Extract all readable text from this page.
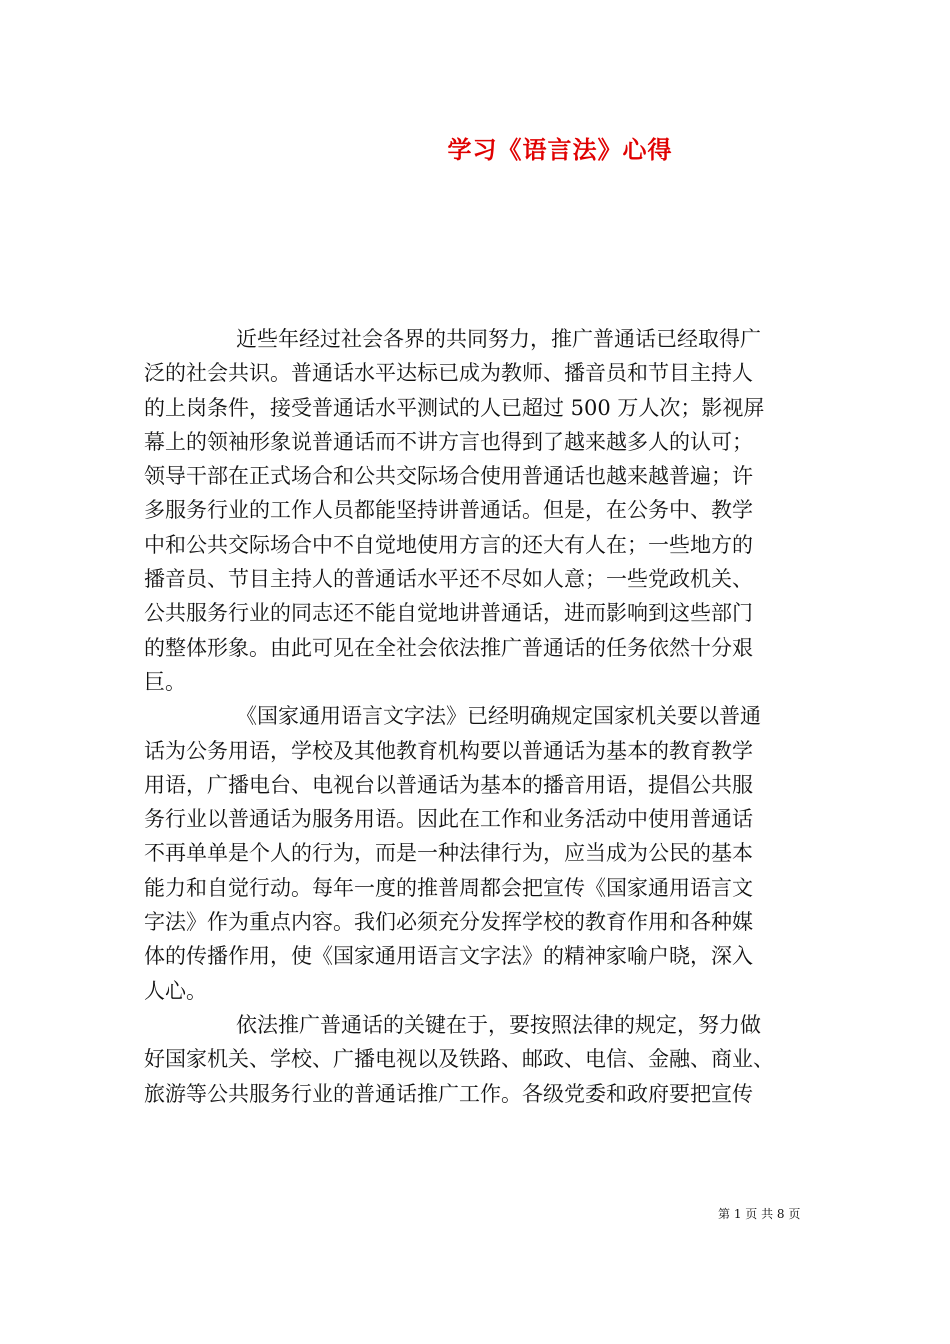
学习《语言法》心得
近些年经过社会各界的共同努力，推广普通话已经取得广
泛的社会共识。普通话水平达标已成为教师、播音员和节目主持人
的上岗条件，接受普通话水平测试的人已超过 500 万人次；影视屏
幕上的领袖形象说普通话而不讲方言也得到了越来越多人的认可；
领导干部在正式场合和公共交际场合使用普通话也越来越普遍；许
多服务行业的工作人员都能坚持讲普通话。但是，在公务中、教学
中和公共交际场合中不自觉地使用方言的还大有人在；一些地方的
播音员、节目主持人的普通话水平还不尽如人意；一些党政机关、
公共服务行业的同志还不能自觉地讲普通话，进而影响到这些部门
的整体形象。由此可见在全社会依法推广普通话的任务依然十分艰
巨。
《国家通用语言文字法》已经明确规定国家机关要以普通
话为公务用语，学校及其他教育机构要以普通话为基本的教育教学
用语，广播电台、电视台以普通话为基本的播音用语，提倡公共服
务行业以普通话为服务用语。因此在工作和业务活动中使用普通话
不再单单是个人的行为，而是一种法律行为，应当成为公民的基本
能力和自觉行动。每年一度的推普周都会把宣传《国家通用语言文
字法》作为重点内容。我们必须充分发挥学校的教育作用和各种媒
体的传播作用，使《国家通用语言文字法》的精神家喻户晓，深入
人心。
依法推广普通话的关键在于，要按照法律的规定，努力做
好国家机关、学校、广播电视以及铁路、邮政、电信、金融、商业、
旅游等公共服务行业的普通话推广工作。各级党委和政府要把宣传
第 1 页 共 8 页
